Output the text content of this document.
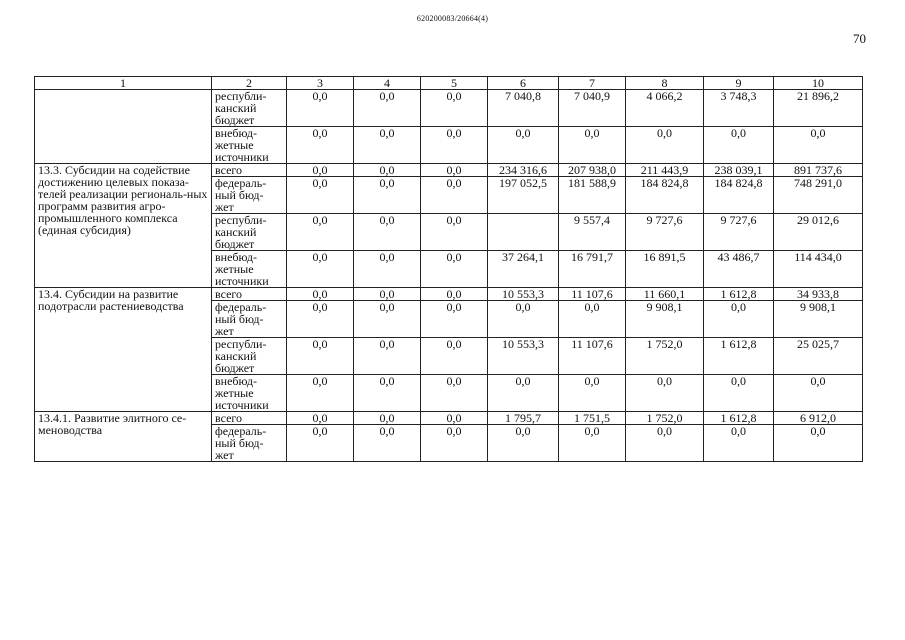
620200083/20664(4)
70
1	2	3	4	5	6	7	8	9	10
	республи-
канский
бюджет	0,0	0,0	0,0	7 040,8	7 040,9	4 066,2	3 748,3	21 896,2
	внебюд-
жетные
источники	0,0	0,0	0,0	0,0	0,0	0,0	0,0	0,0
13.3. Субсидии на содействие достижению целевых показа-телей реализации региональ-ных программ развития агро-промышленного комплекса (единая субсидия)	всего	0,0	0,0	0,0	234 316,6	207 938,0	211 443,9	238 039,1	891 737,6
	федераль-
ный бюд-
жет	0,0	0,0	0,0	197 052,5	181 588,9	184 824,8	184 824,8	748 291,0
	республи-
канский
бюджет	0,0	0,0	0,0		9 557,4	9 727,6	9 727,6	29 012,6
	внебюд-
жетные
источники	0,0	0,0	0,0	37 264,1	16 791,7	16 891,5	43 486,7	114 434,0
13.4. Субсидии на развитие подотрасли растениеводства	всего	0,0	0,0	0,0	10 553,3	11 107,6	11 660,1	1 612,8	34 933,8
	федераль-
ный бюд-
жет	0,0	0,0	0,0	0,0	0,0	9 908,1	0,0	9 908,1
	республи-
канский
бюджет	0,0	0,0	0,0	10 553,3	11 107,6	1 752,0	1 612,8	25 025,7
	внебюд-
жетные
источники	0,0	0,0	0,0	0,0	0,0	0,0	0,0	0,0
13.4.1. Развитие элитного се-меноводства	всего	0,0	0,0	0,0	1 795,7	1 751,5	1 752,0	1 612,8	6 912,0
	федераль-
ный бюд-
жет	0,0	0,0	0,0	0,0	0,0	0,0	0,0	0,0
